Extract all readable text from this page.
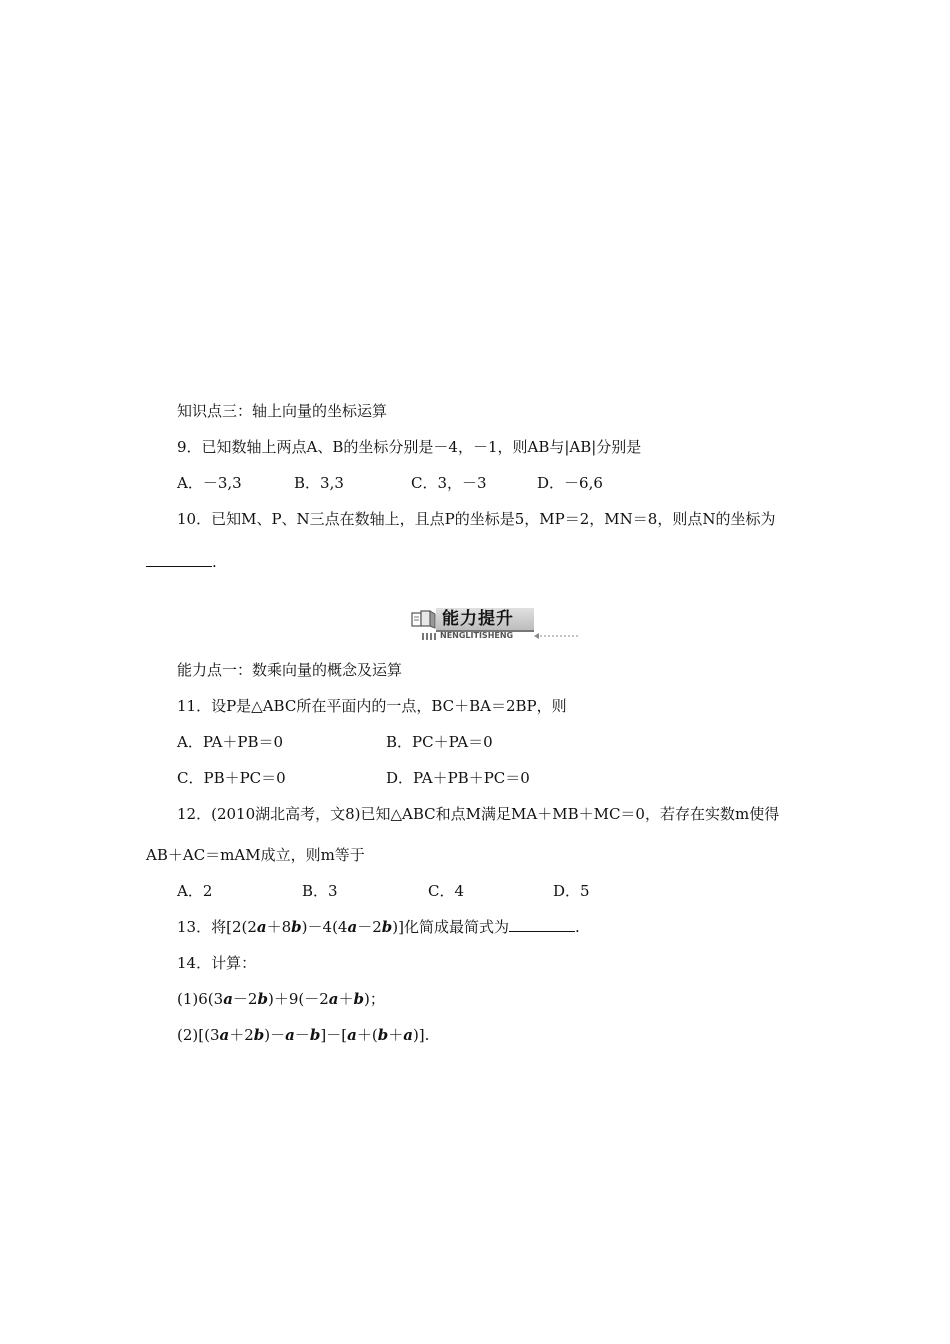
知识点三：轴上向量的坐标运算
9．已知数轴上两点A、B的坐标分别是－4，－1，则AB与|AB|分别是
A．－3,3	B．3,3	C．3，－3	D．－6,6
10．已知M、P、N三点在数轴上，且点P的坐标是5，MP＝2，MN＝8，则点N的坐标为
.
能力提升
NENGLITISHENG
能力点一：数乘向量的概念及运算
11．设P是△ABC所在平面内的一点，BC＋BA＝2BP，则
A．PA＋PB＝0	B．PC＋PA＝0
C．PB＋PC＝0	D．PA＋PB＋PC＝0
12．(2010湖北高考，文8)已知△ABC和点M满足MA＋MB＋MC＝0，若存在实数m使得
AB＋AC＝mAM成立，则m等于
A．2	B．3	C．4	D．5
13．将[2(2a＋8b)－4(4a－2b)]化简成最简式为	.
14．计算：
(1)6(3a－2b)＋9(－2a＋b)；
(2)[(3a＋2b)－a－b]－[a＋(b＋a)].
